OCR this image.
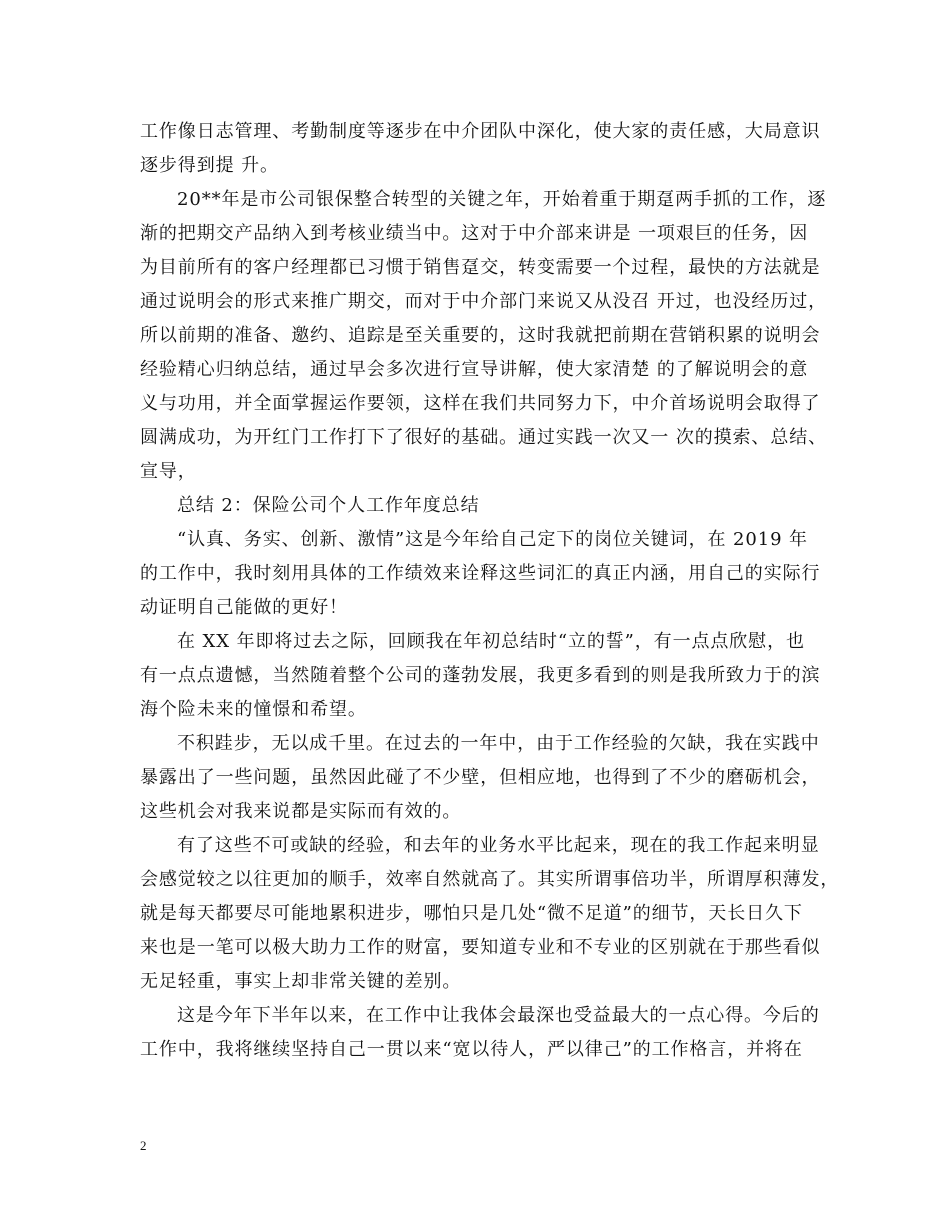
工作像日志管理、考勤制度等逐步在中介团队中深化，使大家的责任感，大局意识
逐步得到提 升。
20**年是市公司银保整合转型的关键之年，开始着重于期趸两手抓的工作，逐
渐的把期交产品纳入到考核业绩当中。这对于中介部来讲是 一项艰巨的任务，因
为目前所有的客户经理都已习惯于销售趸交，转变需要一个过程，最快的方法就是
通过说明会的形式来推广期交，而对于中介部门来说又从没召 开过，也没经历过，
所以前期的准备、邀约、追踪是至关重要的，这时我就把前期在营销积累的说明会
经验精心归纳总结，通过早会多次进行宣导讲解，使大家清楚 的了解说明会的意
义与功用，并全面掌握运作要领，这样在我们共同努力下，中介首场说明会取得了
圆满成功，为开红门工作打下了很好的基础。通过实践一次又一 次的摸索、总结、
宣导，
总结 2：保险公司个人工作年度总结
“认真、务实、创新、激情”这是今年给自己定下的岗位关键词，在 2019 年
的工作中，我时刻用具体的工作绩效来诠释这些词汇的真正内涵，用自己的实际行
动证明自己能做的更好！
在 XX 年即将过去之际，回顾我在年初总结时“立的誓”，有一点点欣慰，也
有一点点遗憾，当然随着整个公司的蓬勃发展，我更多看到的则是我所致力于的滨
海个险未来的憧憬和希望。
不积跬步，无以成千里。在过去的一年中，由于工作经验的欠缺，我在实践中
暴露出了一些问题，虽然因此碰了不少壁，但相应地，也得到了不少的磨砺机会，
这些机会对我来说都是实际而有效的。
有了这些不可或缺的经验，和去年的业务水平比起来，现在的我工作起来明显
会感觉较之以往更加的顺手，效率自然就高了。其实所谓事倍功半，所谓厚积薄发，
就是每天都要尽可能地累积进步，哪怕只是几处“微不足道”的细节，天长日久下
来也是一笔可以极大助力工作的财富，要知道专业和不专业的区别就在于那些看似
无足轻重，事实上却非常关键的差别。
这是今年下半年以来，在工作中让我体会最深也受益最大的一点心得。今后的
工作中，我将继续坚持自己一贯以来“宽以待人，严以律己”的工作格言，并将在
2
